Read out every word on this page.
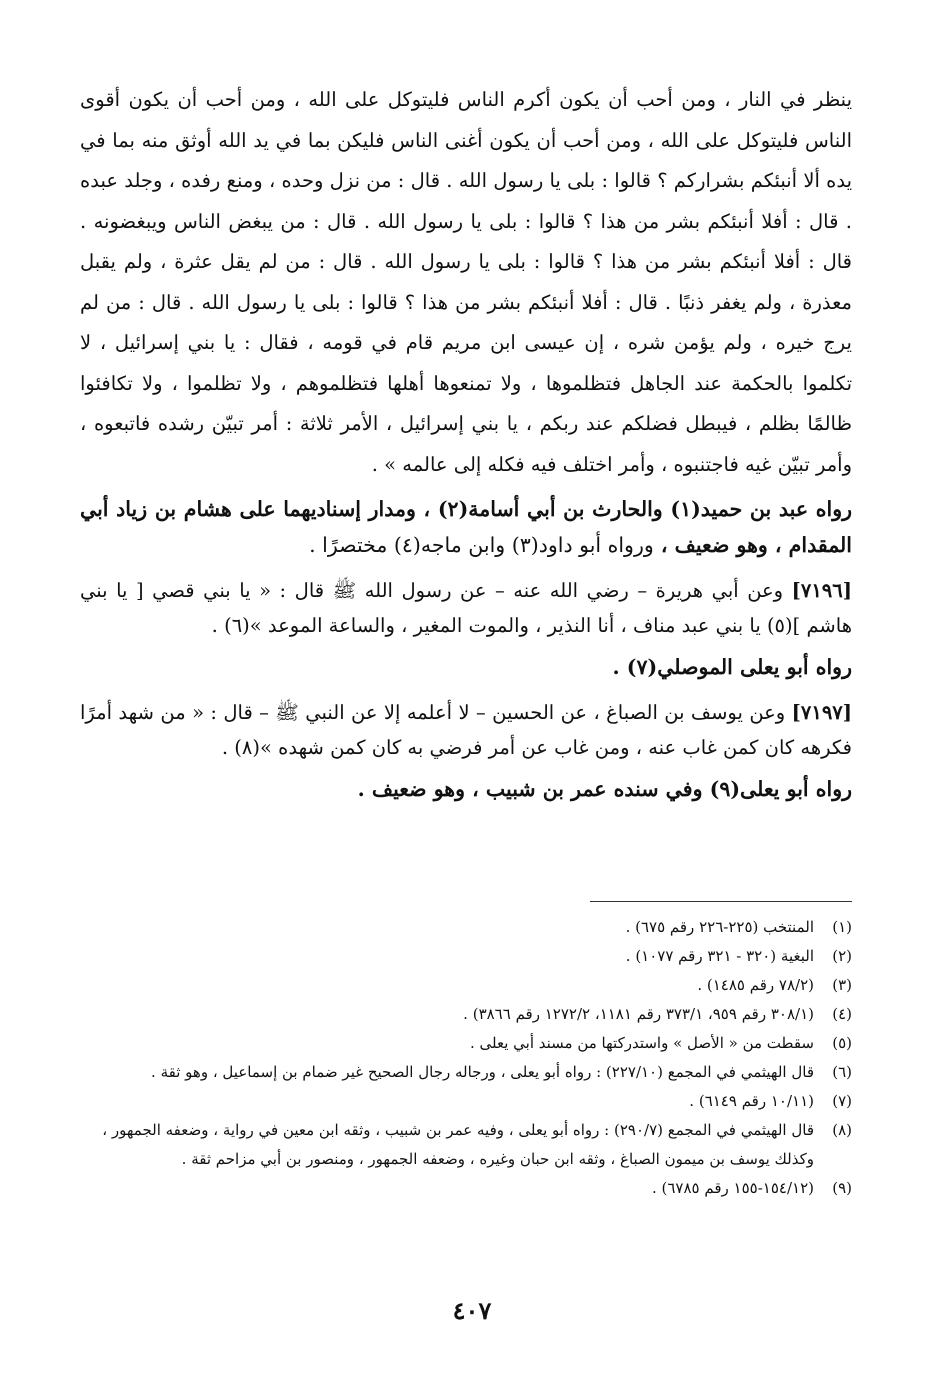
ينظر في النار ، ومن أحب أن يكون أكرم الناس فليتوكل على الله ، ومن أحب أن يكون أقوى الناس فليتوكل على الله ، ومن أحب أن يكون أغنى الناس فليكن بما في يد الله أوثق منه بما في يده ألا أنبئكم بشراركم ؟ قالوا : بلى يا رسول الله . قال : من نزل وحده ، ومنع رفده ، وجلد عبده . قال : أفلا أنبئكم بشر من هذا ؟ قالوا : بلى يا رسول الله . قال : من يبغض الناس ويبغضونه . قال : أفلا أنبئكم بشر من هذا ؟ قالوا : بلى يا رسول الله . قال : من لم يقل عثرة ، ولم يقبل معذرة ، ولم يغفر ذنبًا . قال : أفلا أنبئكم بشر من هذا ؟ قالوا : بلى يا رسول الله . قال : من لم يرج خيره ، ولم يؤمن شره ، إن عيسى ابن مريم قام في قومه ، فقال : يا بني إسرائيل ، لا تكلموا بالحكمة عند الجاهل فتظلموها ، ولا تمنعوها أهلها فتظلموهم ، ولا تظلموا ، ولا تكافئوا ظالمًا بظلم ، فيبطل فضلكم عند ربكم ، يا بني إسرائيل ، الأمر ثلاثة : أمر تبيّن رشده فاتبعوه ، وأمر تبيّن غيه فاجتنبوه ، وأمر اختلف فيه فكله إلى عالمه » .

رواه عبد بن حميد(١) والحارث بن أبي أسامة(٢) ، ومدار إسناديهما على هشام بن زياد أبي المقدام ، وهو ضعيف ، ورواه أبو داود(٣) وابن ماجه(٤) مختصرًا .

[٧١٩٦] وعن أبي هريرة – رضي الله عنه – عن رسول الله ﷺ قال : « يا بني قصي [ يا بني هاشم ](٥) يا بني عبد مناف ، أنا النذير ، والموت المغير ، والساعة الموعد »(٦) .

رواه أبو يعلى الموصلي(٧) .

[٧١٩٧] وعن يوسف بن الصباغ ، عن الحسين – لا أعلمه إلا عن النبي ﷺ – قال : « من شهد أمرًا فكرهه كان كمن غاب عنه ، ومن غاب عن أمر فرضي به كان كمن شهده »(٨) .

رواه أبو يعلى(٩) وفي سنده عمر بن شبيب ، وهو ضعيف .

(١)
المنتخب (٢٢٥-٢٢٦ رقم ٦٧٥) .
(٢)
البغية (٣٢٠ - ٣٢١ رقم ١٠٧٧) .
(٣)
(٧٨/٢ رقم ١٤٨٥) .
(٤)
(٣٠٨/١ رقم ٩٥٩، ٣٧٣/١ رقم ١١٨١، ١٢٧٢/٢ رقم ٣٨٦٦) .
(٥)
سقطت من « الأصل » واستدركتها من مسند أبي يعلى .
(٦)
قال الهيثمي في المجمع (٢٢٧/١٠) : رواه أبو يعلى ، ورجاله رجال الصحيح غير ضمام بن إسماعيل ، وهو ثقة .
(٧)
(١٠/١١ رقم ٦١٤٩) .
(٨)
قال الهيثمي في المجمع (٢٩٠/٧) : رواه أبو يعلى ، وفيه عمر بن شبيب ، وثقه ابن معين في رواية ، وضعفه الجمهور ، وكذلك يوسف بن ميمون الصباغ ، وثقه ابن حبان وغيره ، وضعفه الجمهور ، ومنصور بن أبي مزاحم ثقة .
(٩)
(١٥٤/١٢-١٥٥ رقم ٦٧٨٥) .
٤٠٧
